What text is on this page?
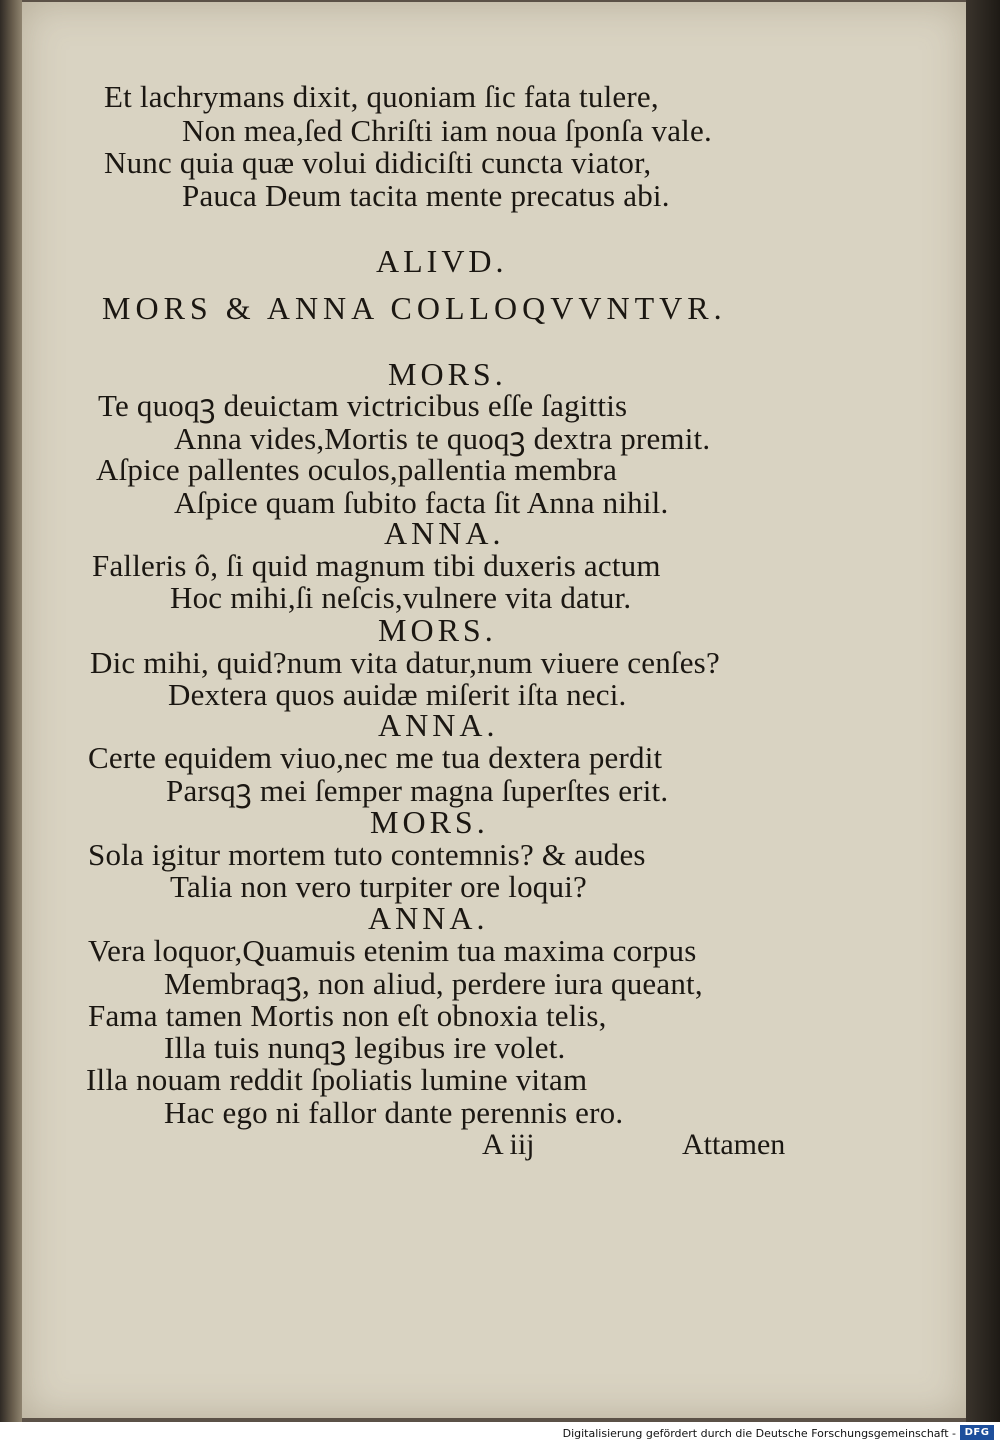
Et lachrymans dixit, quoniam ſic fata tulere,
Non mea,ſed Chriſti iam noua ſponſa vale.
Nunc quia quæ volui didiciſti cuncta viator,
Pauca Deum tacita mente precatus abi.
ALIVD.
MORS & ANNA COLLOQVVNTVR.
MORS.
Te quoqꝫ deuictam victricibus eſſe ſagittis
Anna vides,Mortis te quoqꝫ dextra premit.
Aſpice pallentes oculos,pallentia membra
Aſpice quam ſubito facta ſit Anna nihil.
ANNA.
Falleris ô, ſi quid magnum tibi duxeris actum
Hoc mihi,ſi neſcis,vulnere vita datur.
MORS.
Dic mihi, quid?num vita datur,num viuere cenſes?
Dextera quos auidæ miſerit iſta neci.
ANNA.
Certe equidem viuo,nec me tua dextera perdit
Parsqꝫ mei ſemper magna ſuperſtes erit.
MORS.
Sola igitur mortem tuto contemnis? & audes
Talia non vero turpiter ore loqui?
ANNA.
Vera loquor,Quamuis etenim tua maxima corpus
Membraqꝫ, non aliud, perdere iura queant,
Fama tamen Mortis non eſt obnoxia telis,
Illa tuis nunqꝫ legibus ire volet.
Illa nouam reddit ſpoliatis lumine vitam
Hac ego ni fallor dante perennis ero.
A iij	Attamen
Digitalisierung gefördert durch die Deutsche Forschungsgemeinschaft - DFG
